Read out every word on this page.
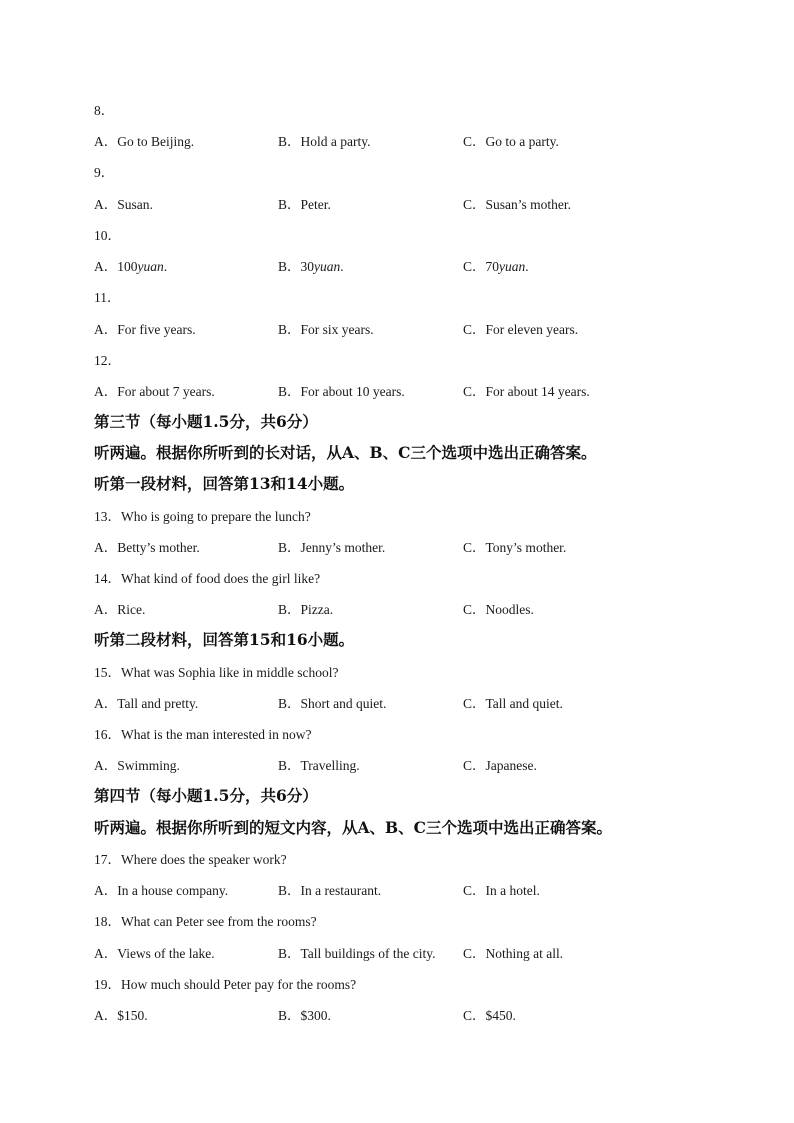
8．

A．Go to Beijing.	B．Hold a party.	C．Go to a party.

9．

A．Susan.	B．Peter.	C．Susan’s mother.

10．

A．100yuan.	B．30yuan.	C．70yuan.

11．

A．For five years.	B．For six years.	C．For eleven years.

12．

A．For about 7 years.	B．For about 10 years.	C．For about 14 years.

第三节（每小题1.5分，共6分）

听两遍。根据你所听到的长对话，从A、B、C三个选项中选出正确答案。

听第一段材料，回答第13和14小题。

13．Who is going to prepare the lunch?

A．Betty’s mother.	B．Jenny’s mother.	C．Tony’s mother.

14．What kind of food does the girl like?

A．Rice.	B．Pizza.	C．Noodles.

听第二段材料，回答第15和16小题。

15．What was Sophia like in middle school?

A．Tall and pretty.	B．Short and quiet.	C．Tall and quiet.

16．What is the man interested in now?

A．Swimming.	B．Travelling.	C．Japanese.

第四节（每小题1.5分，共6分）

听两遍。根据你所听到的短文内容，从A、B、C三个选项中选出正确答案。

17．Where does the speaker work?

A．In a house company.	B．In a restaurant.	C．In a hotel.

18．What can Peter see from the rooms?

A．Views of the lake.	B．Tall buildings of the city. C．Nothing at all.

19．How much should Peter pay for the rooms?

A．$150.	B．$300.	C．$450.
